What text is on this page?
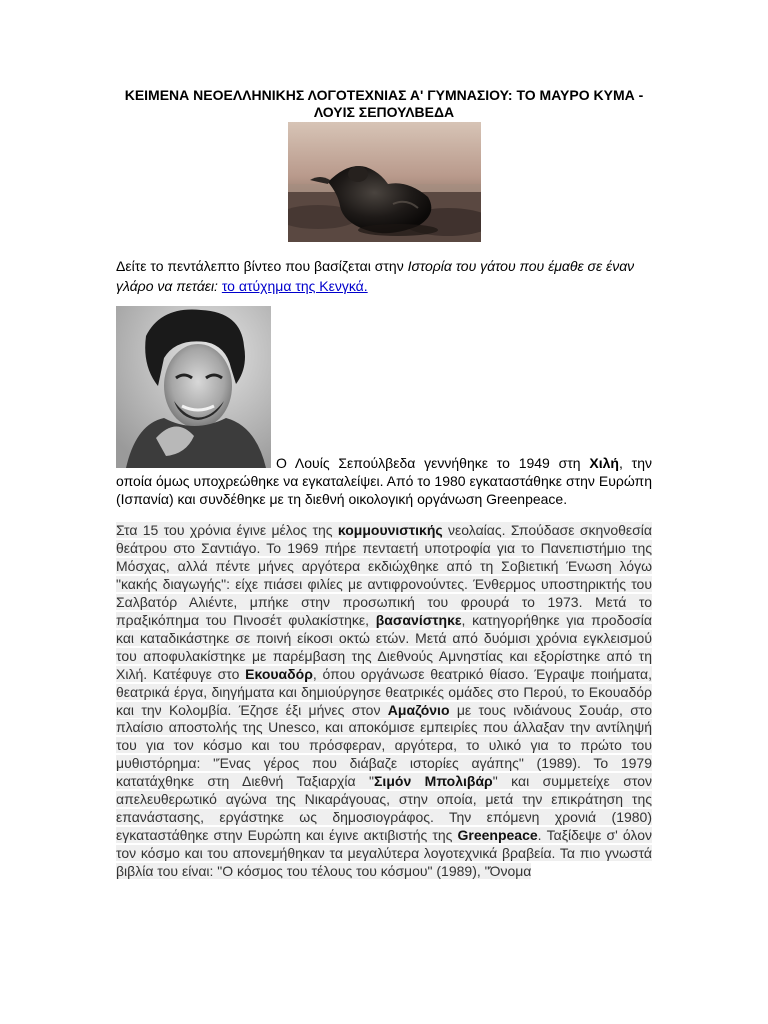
ΚΕΙΜΕΝΑ ΝΕΟΕΛΛΗΝΙΚΗΣ ΛΟΓΟΤΕΧΝΙΑΣ Α' ΓΥΜΝΑΣΙΟΥ: ΤΟ ΜΑΥΡΟ ΚΥΜΑ - ΛΟΥΙΣ ΣΕΠΟΥΛΒΕΔΑ
Δείτε το πεντάλεπτο βίντεο που βασίζεται στην Ιστορία του γάτου που έμαθε σε έναν γλάρο να πετάει: το ατύχημα της Κενγκά.
Ο Λουίς Σεπούλβεδα γεννήθηκε το 1949 στη Χιλή, την οποία όμως υποχρεώθηκε να εγκαταλείψει. Από το 1980 εγκαταστάθηκε στην Ευρώπη (Ισπανία) και συνδέθηκε με τη διεθνή οικολογική οργάνωση Greenpeace.
Στα 15 του χρόνια έγινε μέλος της κομμουνιστικής νεολαίας. Σπούδασε σκηνοθεσία θεάτρου στο Σαντιάγο. Το 1969 πήρε πενταετή υποτροφία για το Πανεπιστήμιο της Μόσχας, αλλά πέντε μήνες αργότερα εκδιώχθηκε από τη Σοβιετική Ένωση λόγω "κακής διαγωγής": είχε πιάσει φιλίες με αντιφρονούντες. Ένθερμος υποστηρικτής του Σαλβατόρ Αλιέντε, μπήκε στην προσωπική του φρουρά το 1973. Μετά το πραξικόπημα του Πινοσέτ φυλακίστηκε, βασανίστηκε, κατηγορήθηκε για προδοσία και καταδικάστηκε σε ποινή είκοσι οκτώ ετών. Μετά από δυόμισι χρόνια εγκλεισμού του αποφυλακίστηκε με παρέμβαση της Διεθνούς Αμνηστίας και εξορίστηκε από τη Χιλή. Κατέφυγε στο Εκουαδόρ, όπου οργάνωσε θεατρικό θίασο. Έγραψε ποιήματα, θεατρικά έργα, διηγήματα και δημιούργησε θεατρικές ομάδες στο Περού, το Εκουαδόρ και την Κολομβία. Έζησε έξι μήνες στον Αμαζόνιο με τους ινδιάνους Σουάρ, στο πλαίσιο αποστολής της Unesco, και αποκόμισε εμπειρίες που άλλαξαν την αντίληψή του για τον κόσμο και του πρόσφεραν, αργότερα, το υλικό για το πρώτο του μυθιστόρημα: "Ένας γέρος που διάβαζε ιστορίες αγάπης" (1989). Το 1979 κατατάχθηκε στη Διεθνή Ταξιαρχία "Σιμόν Μπολιβάρ" και συμμετείχε στον απελευθερωτικό αγώνα της Νικαράγουας, στην οποία, μετά την επικράτηση της επανάστασης, εργάστηκε ως δημοσιογράφος. Την επόμενη χρονιά (1980) εγκαταστάθηκε στην Ευρώπη και έγινε ακτιβιστής της Greenpeace. Ταξίδεψε σ' όλον τον κόσμο και του απονεμήθηκαν τα μεγαλύτερα λογοτεχνικά βραβεία. Τα πιο γνωστά βιβλία του είναι: "Ο κόσμος του τέλους του κόσμου" (1989), "Όνομα
